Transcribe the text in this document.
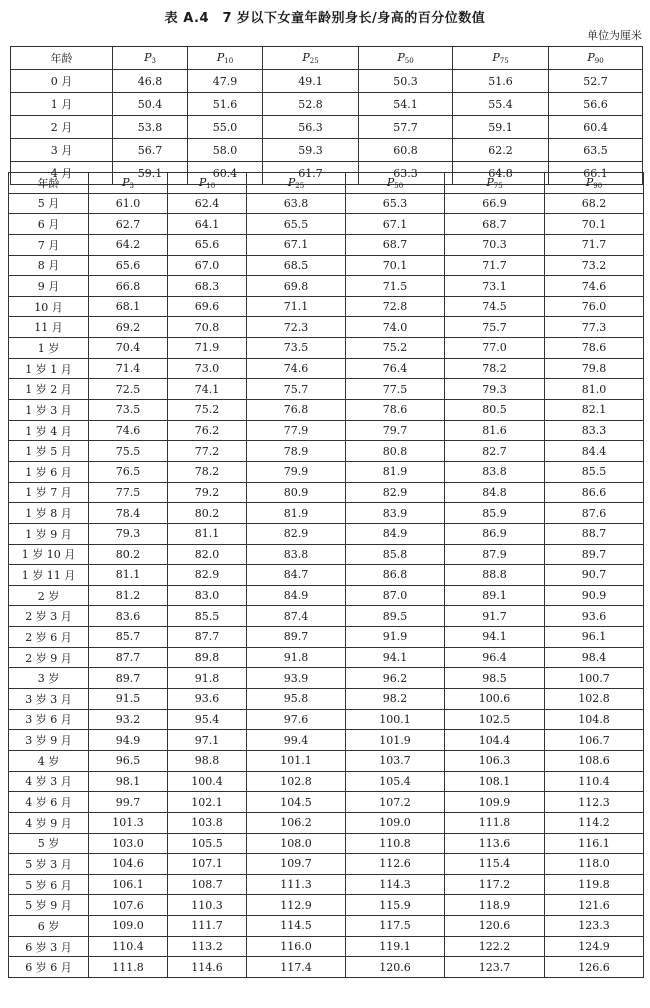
表 A.4　7 岁以下女童年龄别身长/身高的百分位数值
单位为厘米
年龄	$P_3$	$P_{10}$	$P_{25}$	$P_{50}$	$P_{75}$	$P_{90}$	
0 月	46.8	47.9	49.1	50.3	51.6	52.7	
1 月	50.4	51.6	52.8	54.1	55.4	56.6	
2 月	53.8	55.0	56.3	57.7	59.1	60.4	
3 月	56.7	58.0	59.3	60.8	62.2	63.5	
4 月	59.1	60.4	61.7	63.3	64.8	66.1	
年龄	$P_3$	$P_{10}$	$P_{25}$	$P_{50}$	$P_{75}$	$P_{90}$	
5 月	61.0	62.4	63.8	65.3	66.9	68.2	
6 月	62.7	64.1	65.5	67.1	68.7	70.1	
7 月	64.2	65.6	67.1	68.7	70.3	71.7	
8 月	65.6	67.0	68.5	70.1	71.7	73.2	
9 月	66.8	68.3	69.8	71.5	73.1	74.6	
10 月	68.1	69.6	71.1	72.8	74.5	76.0	
11 月	69.2	70.8	72.3	74.0	75.7	77.3	
1 岁	70.4	71.9	73.5	75.2	77.0	78.6	
1 岁 1 月	71.4	73.0	74.6	76.4	78.2	79.8	
1 岁 2 月	72.5	74.1	75.7	77.5	79.3	81.0	
1 岁 3 月	73.5	75.2	76.8	78.6	80.5	82.1	
1 岁 4 月	74.6	76.2	77.9	79.7	81.6	83.3	
1 岁 5 月	75.5	77.2	78.9	80.8	82.7	84.4	
1 岁 6 月	76.5	78.2	79.9	81.9	83.8	85.5	
1 岁 7 月	77.5	79.2	80.9	82.9	84.8	86.6	
1 岁 8 月	78.4	80.2	81.9	83.9	85.9	87.6	
1 岁 9 月	79.3	81.1	82.9	84.9	86.9	88.7	
1 岁 10 月	80.2	82.0	83.8	85.8	87.9	89.7	
1 岁 11 月	81.1	82.9	84.7	86.8	88.8	90.7	
2 岁	81.2	83.0	84.9	87.0	89.1	90.9	
2 岁 3 月	83.6	85.5	87.4	89.5	91.7	93.6	
2 岁 6 月	85.7	87.7	89.7	91.9	94.1	96.1	
2 岁 9 月	87.7	89.8	91.8	94.1	96.4	98.4	
3 岁	89.7	91.8	93.9	96.2	98.5	100.7	
3 岁 3 月	91.5	93.6	95.8	98.2	100.6	102.8	
3 岁 6 月	93.2	95.4	97.6	100.1	102.5	104.8	
3 岁 9 月	94.9	97.1	99.4	101.9	104.4	106.7	
4 岁	96.5	98.8	101.1	103.7	106.3	108.6	
4 岁 3 月	98.1	100.4	102.8	105.4	108.1	110.4	
4 岁 6 月	99.7	102.1	104.5	107.2	109.9	112.3	
4 岁 9 月	101.3	103.8	106.2	109.0	111.8	114.2	
5 岁	103.0	105.5	108.0	110.8	113.6	116.1	
5 岁 3 月	104.6	107.1	109.7	112.6	115.4	118.0	
5 岁 6 月	106.1	108.7	111.3	114.3	117.2	119.8	
5 岁 9 月	107.6	110.3	112.9	115.9	118.9	121.6	
6 岁	109.0	111.7	114.5	117.5	120.6	123.3	
6 岁 3 月	110.4	113.2	116.0	119.1	122.2	124.9	
6 岁 6 月	111.8	114.6	117.4	120.6	123.7	126.6	
